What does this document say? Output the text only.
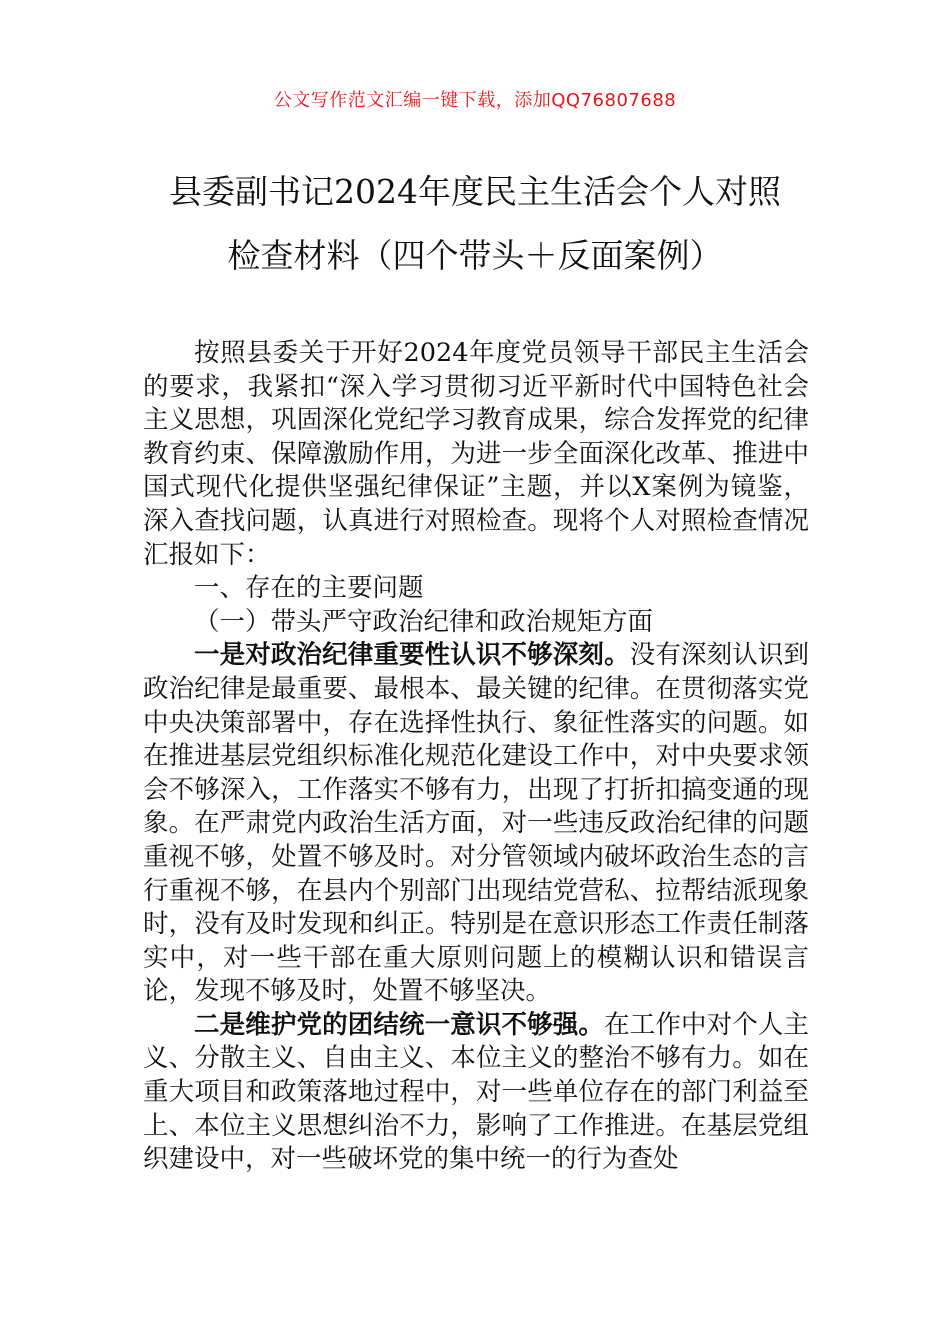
公文写作范文汇编一键下载，添加QQ76807688
县委副书记2024年度民主生活会个人对照
检查材料（四个带头＋反面案例）

按照县委关于开好2024年度党员领导干部民主生活会的要求，我紧扣“深入学习贯彻习近平新时代中国特色社会主义思想，巩固深化党纪学习教育成果，综合发挥党的纪律教育约束、保障激励作用，为进一步全面深化改革、推进中国式现代化提供坚强纪律保证”主题，并以X案例为镜鉴，深入查找问题，认真进行对照检查。现将个人对照检查情况汇报如下：

一、存在的主要问题

（一）带头严守政治纪律和政治规矩方面

一是对政治纪律重要性认识不够深刻。没有深刻认识到政治纪律是最重要、最根本、最关键的纪律。在贯彻落实党中央决策部署中，存在选择性执行、象征性落实的问题。如在推进基层党组织标准化规范化建设工作中，对中央要求领会不够深入，工作落实不够有力，出现了打折扣搞变通的现象。在严肃党内政治生活方面，对一些违反政治纪律的问题重视不够，处置不够及时。对分管领域内破坏政治生态的言行重视不够，在县内个别部门出现结党营私、拉帮结派现象时，没有及时发现和纠正。特别是在意识形态工作责任制落实中，对一些干部在重大原则问题上的模糊认识和错误言论，发现不够及时，处置不够坚决。

二是维护党的团结统一意识不够强。在工作中对个人主义、分散主义、自由主义、本位主义的整治不够有力。如在重大项目和政策落地过程中，对一些单位存在的部门利益至上、本位主义思想纠治不力，影响了工作推进。在基层党组织建设中，对一些破坏党的集中统一的行为查处
